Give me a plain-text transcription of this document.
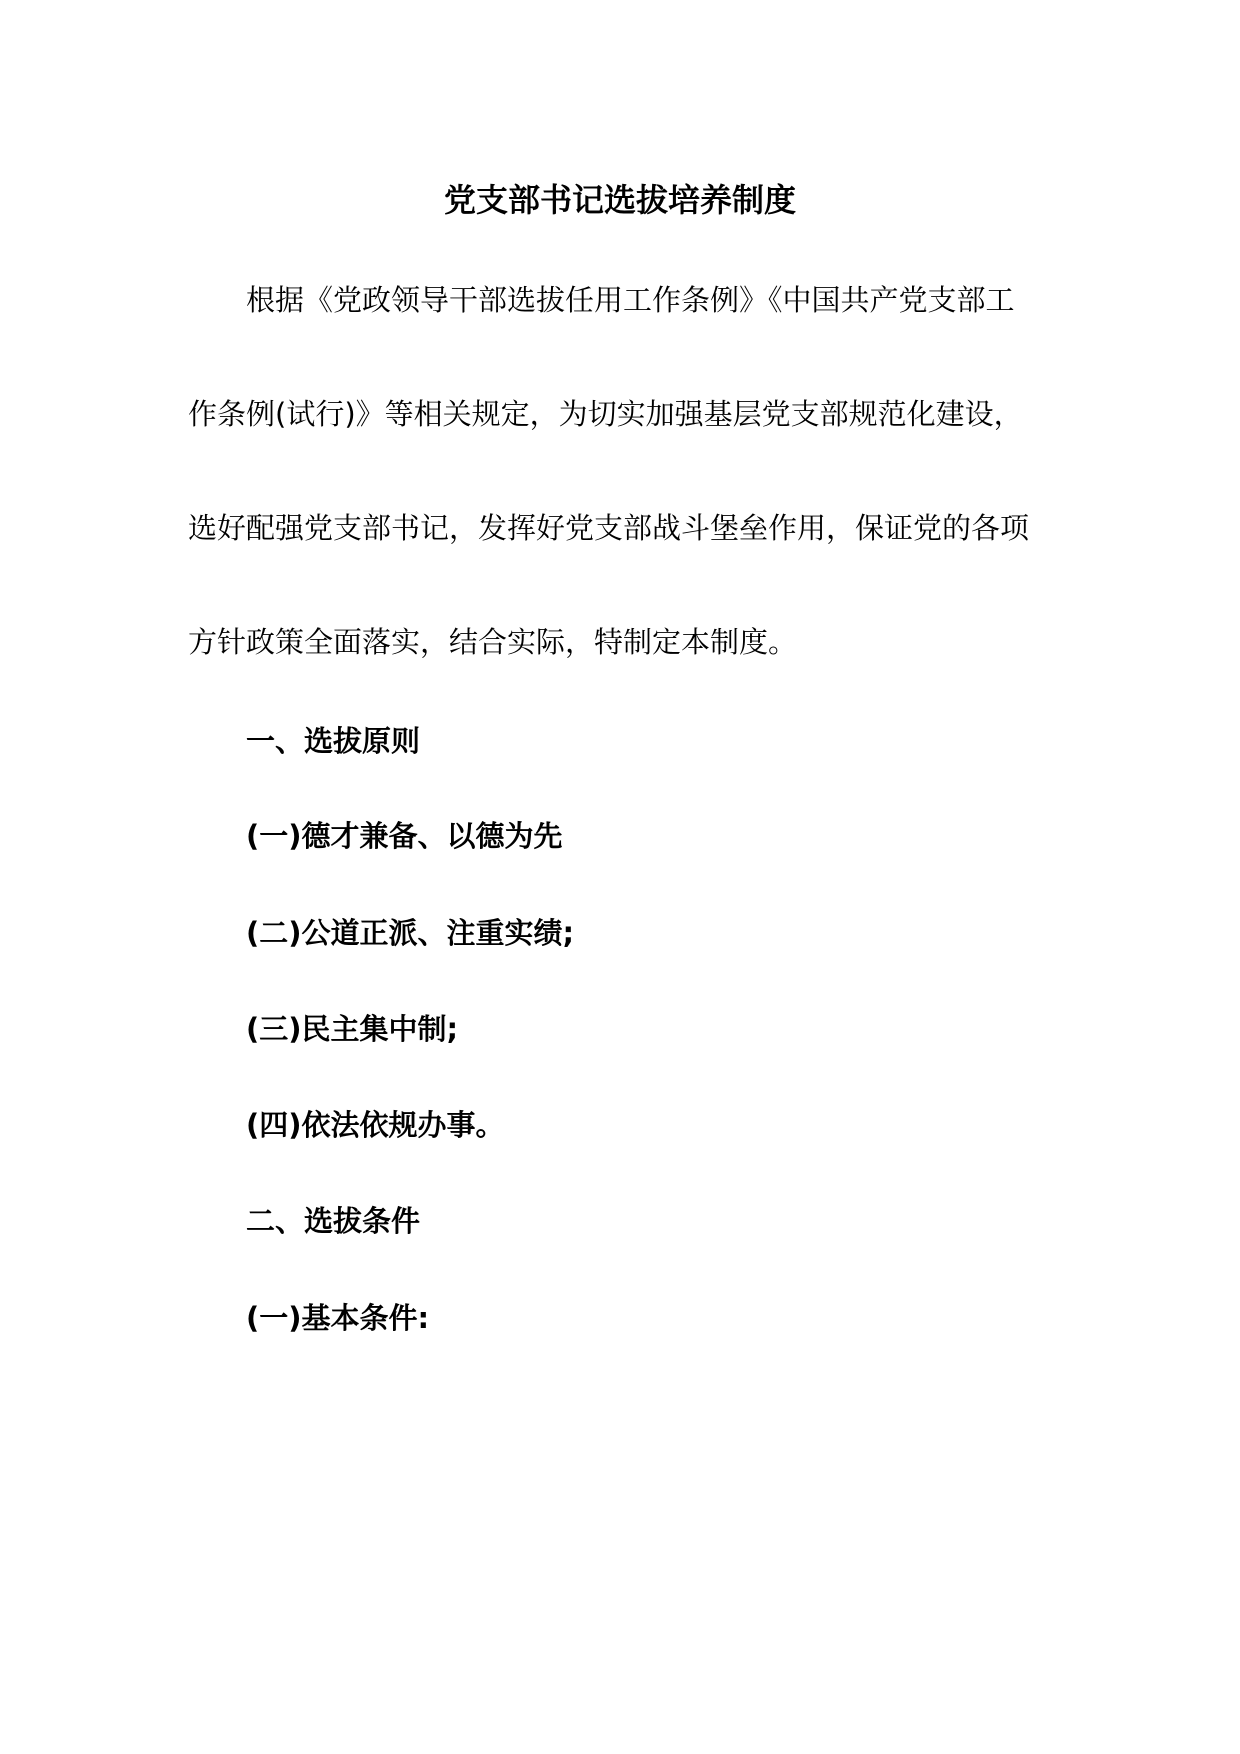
党支部书记选拔培养制度
根据《党政领导干部选拔任用工作条例》《中国共产党支部工
作条例(试行)》等相关规定，为切实加强基层党支部规范化建设，
选好配强党支部书记，发挥好党支部战斗堡垒作用，保证党的各项
方针政策全面落实，结合实际，特制定本制度。
一、选拔原则
(一)德才兼备、以德为先
(二)公道正派、注重实绩;
(三)民主集中制;
(四)依法依规办事。
二、选拔条件
(一)基本条件:
